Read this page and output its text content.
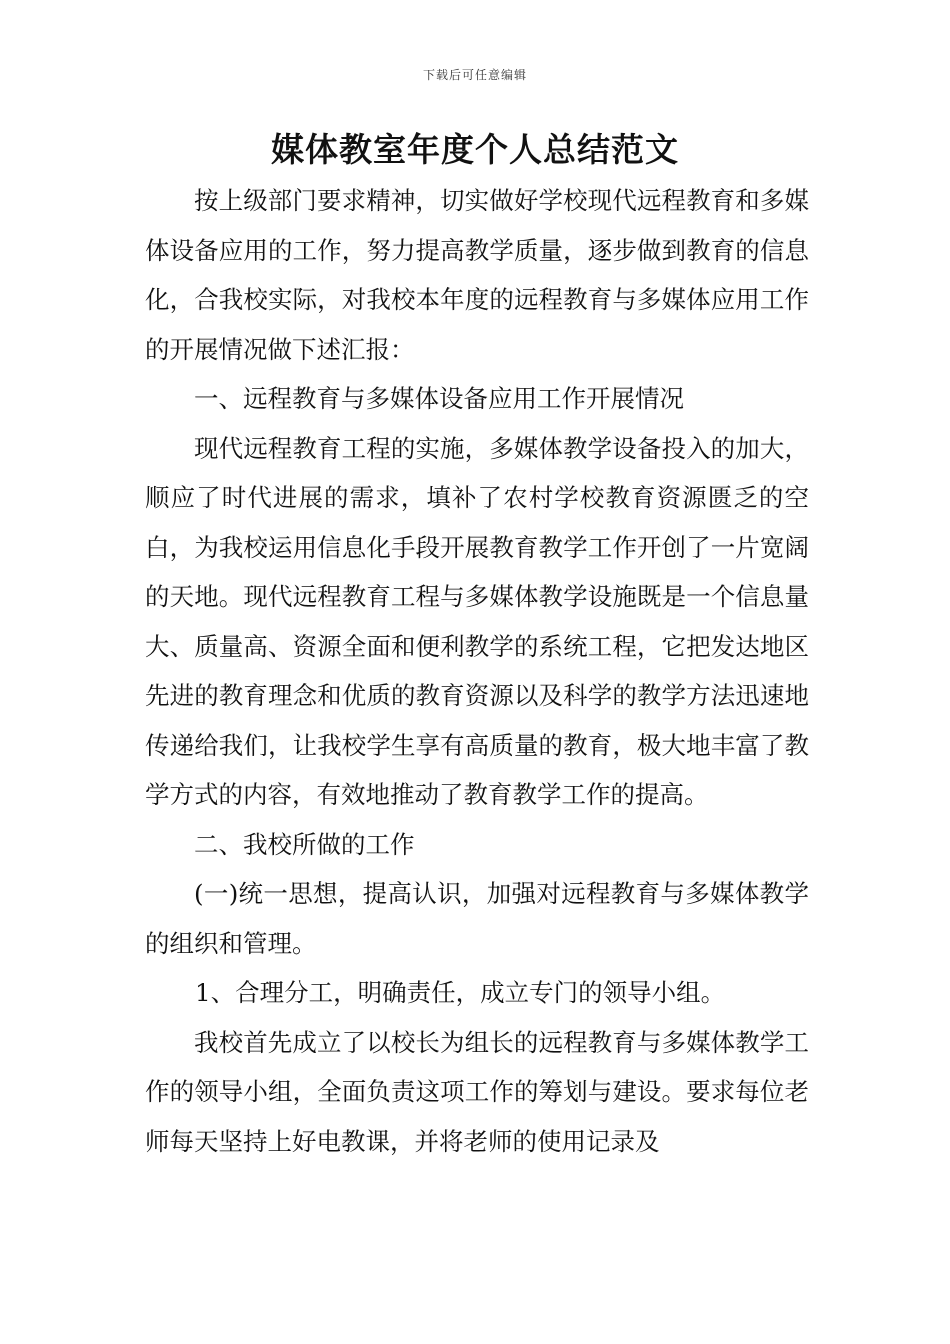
下载后可任意编辑
媒体教室年度个人总结范文

按上级部门要求精神，切实做好学校现代远程教育和多媒体设备应用的工作，努力提高教学质量，逐步做到教育的信息化，合我校实际，对我校本年度的远程教育与多媒体应用工作的开展情况做下述汇报：

一、远程教育与多媒体设备应用工作开展情况

现代远程教育工程的实施，多媒体教学设备投入的加大，顺应了时代进展的需求，填补了农村学校教育资源匮乏的空白，为我校运用信息化手段开展教育教学工作开创了一片宽阔的天地。现代远程教育工程与多媒体教学设施既是一个信息量大、质量高、资源全面和便利教学的系统工程，它把发达地区先进的教育理念和优质的教育资源以及科学的教学方法迅速地传递给我们，让我校学生享有高质量的教育，极大地丰富了教学方式的内容，有效地推动了教育教学工作的提高。

二、我校所做的工作

(一)统一思想，提高认识，加强对远程教育与多媒体教学的组织和管理。

1、合理分工，明确责任，成立专门的领导小组。

我校首先成立了以校长为组长的远程教育与多媒体教学工作的领导小组，全面负责这项工作的筹划与建设。要求每位老师每天坚持上好电教课，并将老师的使用记录及
